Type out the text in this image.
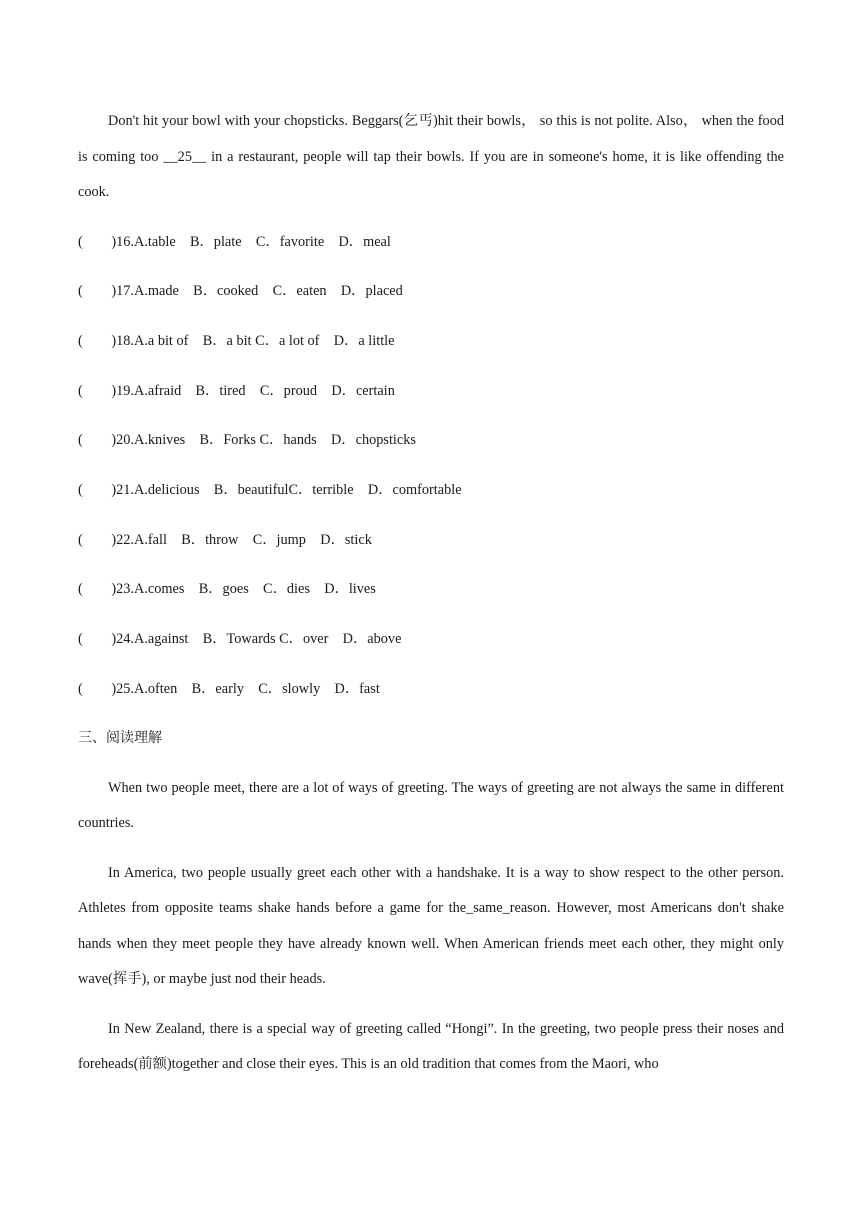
Don't hit your bowl with your chopsticks. Beggars(乞丐)hit their bowls， so this is not polite. Also， when the food is coming too __25__ in a restaurant, people will tap their bowls. If you are in someone's home, it is like offending the cook.

(        )16.A.table    B．plate    C．favorite    D．meal
(        )17.A.made    B．cooked    C．eaten    D．placed
(        )18.A.a bit of    B．a bit C．a lot of    D．a little
(        )19.A.afraid    B．tired    C．proud    D．certain
(        )20.A.knives    B．Forks C．hands    D．chopsticks
(        )21.A.delicious    B．beautifulC．terrible    D．comfortable
(        )22.A.fall    B．throw    C．jump    D．stick
(        )23.A.comes    B．goes    C．dies    D．lives
(        )24.A.against    B．Towards C．over    D．above
(        )25.A.often    B．early    C．slowly    D．fast
三、阅读理解

When two people meet, there are a lot of ways of greeting. The ways of greeting are not always the same in different countries.

In America, two people usually greet each other with a handshake. It is a way to show respect to the other person. Athletes from opposite teams shake hands before a game for the_same_reason. However, most Americans don't shake hands when they meet people they have already known well. When American friends meet each other, they might only wave(挥手), or maybe just nod their heads.

In New Zealand, there is a special way of greeting called “Hongi”. In the greeting, two people press their noses and foreheads(前额)together and close their eyes. This is an old tradition that comes from the Maori, who
